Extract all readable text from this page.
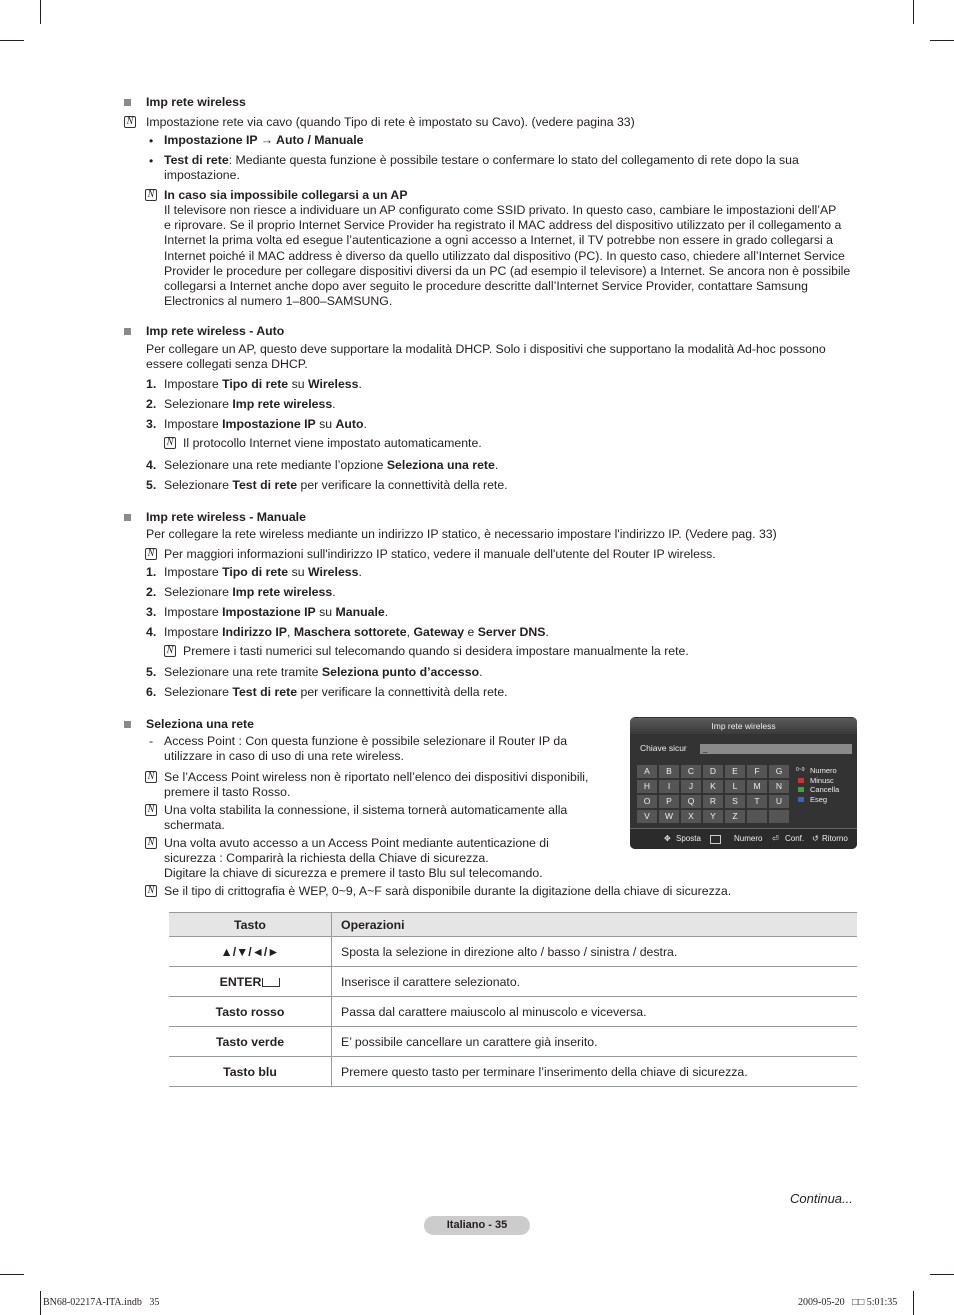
Imp rete wireless
N Impostazione rete via cavo (quando Tipo di rete è impostato su Cavo). (vedere pagina 33)
• Impostazione IP → Auto / Manuale
• Test di rete: Mediante questa funzione è possibile testare o confermare lo stato del collegamento di rete dopo la sua
impostazione.
N In caso sia impossibile collegarsi a un AP
Il televisore non riesce a individuare un AP configurato come SSID privato. In questo caso, cambiare le impostazioni dell’AP
e riprovare. Se il proprio Internet Service Provider ha registrato il MAC address del dispositivo utilizzato per il collegamento a
Internet la prima volta ed esegue l’autenticazione a ogni accesso a Internet, il TV potrebbe non essere in grado collegarsi a
Internet poiché il MAC address è diverso da quello utilizzato dal dispositivo (PC). In questo caso, chiedere all’Internet Service
Provider le procedure per collegare dispositivi diversi da un PC (ad esempio il televisore) a Internet. Se ancora non è possibile
collegarsi a Internet anche dopo aver seguito le procedure descritte dall’Internet Service Provider, contattare Samsung
Electronics al numero 1–800–SAMSUNG.
Imp rete wireless - Auto
Per collegare un AP, questo deve supportare la modalità DHCP. Solo i dispositivi che supportano la modalità Ad-hoc possono
essere collegati senza DHCP.
1. Impostare Tipo di rete su Wireless.
2. Selezionare Imp rete wireless.
3. Impostare Impostazione IP su Auto.
N Il protocollo Internet viene impostato automaticamente.
4. Selezionare una rete mediante l’opzione Seleziona una rete.
5. Selezionare Test di rete per verificare la connettività della rete.
Imp rete wireless - Manuale
Per collegare la rete wireless mediante un indirizzo IP statico, è necessario impostare l'indirizzo IP. (Vedere pag. 33)
N Per maggiori informazioni sull'indirizzo IP statico, vedere il manuale dell'utente del Router IP wireless.
1. Impostare Tipo di rete su Wireless.
2. Selezionare Imp rete wireless.
3. Impostare Impostazione IP su Manuale.
4. Impostare Indirizzo IP, Maschera sottorete, Gateway e Server DNS.
N Premere i tasti numerici sul telecomando quando si desidera impostare manualmente la rete.
5. Selezionare una rete tramite Seleziona punto d’accesso.
6. Selezionare Test di rete per verificare la connettività della rete.
Seleziona una rete
- Access Point : Con questa funzione è possibile selezionare il Router IP da
utilizzare in caso di uso di una rete wireless.
N Se l’Access Point wireless non è riportato nell’elenco dei dispositivi disponibili,
premere il tasto Rosso.
N Una volta stabilita la connessione, il sistema tornerà automaticamente alla
schermata.
N Una volta avuto accesso a un Access Point mediante autenticazione di
sicurezza : Comparirà la richiesta della Chiave di sicurezza.
Digitare la chiave di sicurezza e premere il tasto Blu sul telecomando.
N Se il tipo di crittografia è WEP, 0~9, A~F sarà disponibile durante la digitazione della chiave di sicurezza.
Imp rete wireless
Chiave sicur	_
A	B	C	D	E	F	G
H	I	J	K	L	M	N
O	P	Q	R	S	T	U
V	W	X	Y	Z
0~9 Numero
Minusc
Cancella
Eseg
✥ Sposta	Numero ⏎ Conf. ↺ Ritorno
Tasto	Operazioni
▲/▼/◄/►	Sposta la selezione in direzione alto / basso / sinistra / destra.
ENTER	Inserisce il carattere selezionato.
Tasto rosso	Passa dal carattere maiuscolo al minuscolo e viceversa.
Tasto verde	E’ possibile cancellare un carattere già inserito.
Tasto blu	Premere questo tasto per terminare l’inserimento della chiave di sicurezza.
Continua...
Italiano - 35
BN68-02217A-ITA.indb   35	2009-05-20   □□ 5:01:35
